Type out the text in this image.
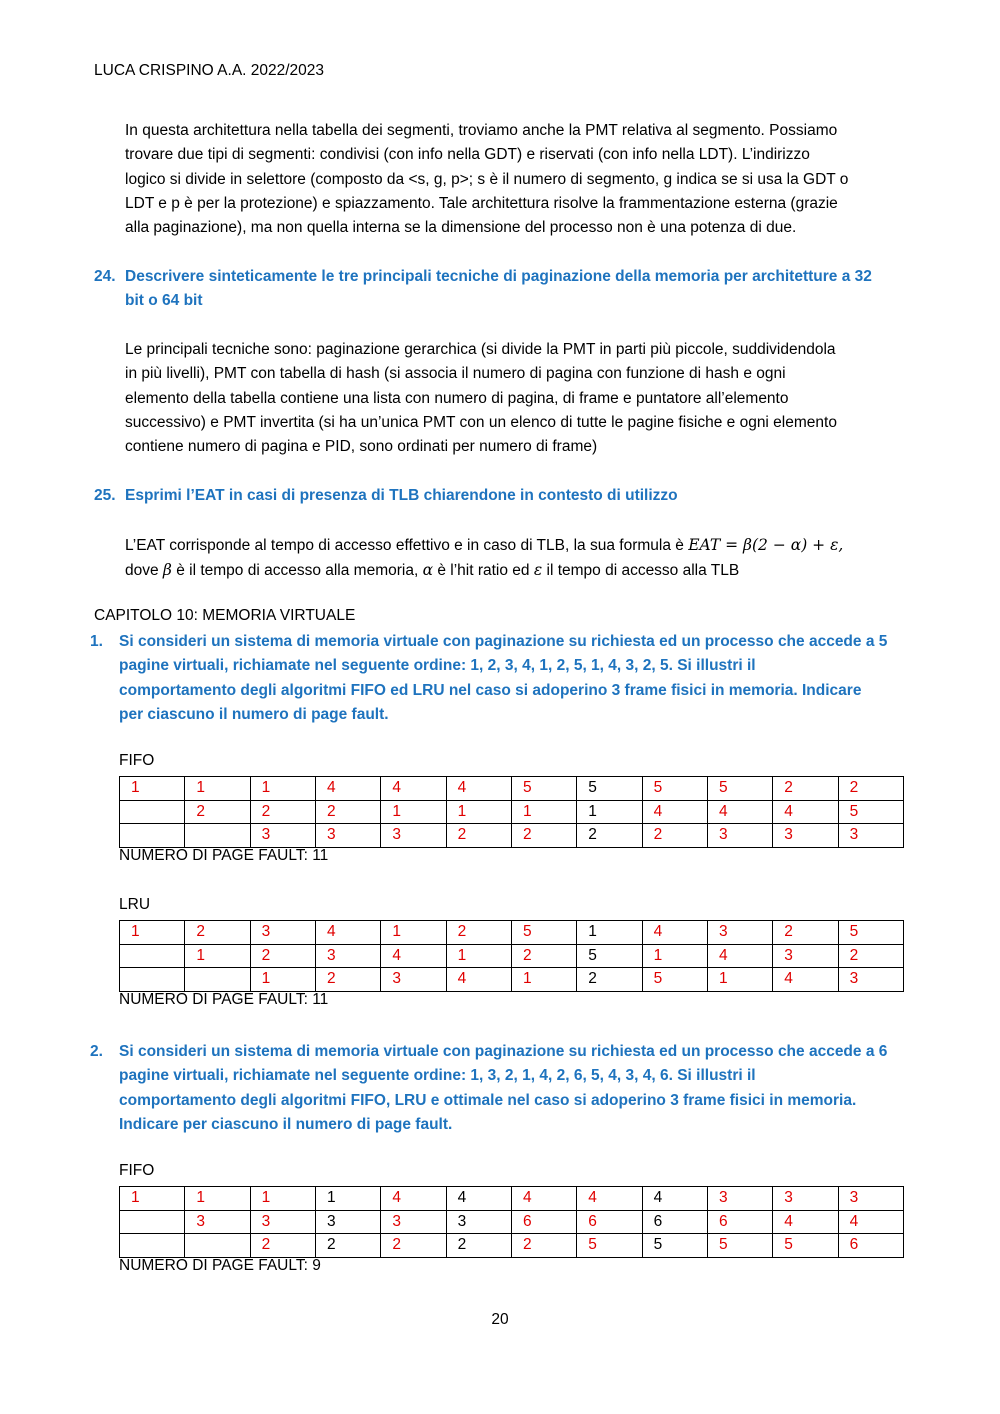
LUCA CRISPINO A.A. 2022/2023
In questa architettura nella tabella dei segmenti, troviamo anche la PMT relativa al segmento. Possiamo
trovare due tipi di segmenti: condivisi (con info nella GDT) e riservati (con info nella LDT). L’indirizzo
logico si divide in selettore (composto da <s, g, p>; s è il numero di segmento, g indica se si usa la GDT o
LDT e p è per la protezione) e spiazzamento. Tale architettura risolve la frammentazione esterna (grazie
alla paginazione), ma non quella interna se la dimensione del processo non è una potenza di due.
24. Descrivere sinteticamente le tre principali tecniche di paginazione della memoria per architetture a 32
bit o 64 bit
Le principali tecniche sono: paginazione gerarchica (si divide la PMT in parti più piccole, suddividendola
in più livelli), PMT con tabella di hash (si associa il numero di pagina con funzione di hash e ogni
elemento della tabella contiene una lista con numero di pagina, di frame e puntatore all’elemento
successivo) e PMT invertita (si ha un’unica PMT con un elenco di tutte le pagine fisiche e ogni elemento
contiene numero di pagina e PID, sono ordinati per numero di frame)
25. Esprimi l’EAT in casi di presenza di TLB chiarendone in contesto di utilizzo
L’EAT corrisponde al tempo di accesso effettivo e in caso di TLB, la sua formula è EAT = β(2 − α) + ε,
dove β è il tempo di accesso alla memoria, α è l’hit ratio ed ε il tempo di accesso alla TLB
CAPITOLO 10: MEMORIA VIRTUALE
1. Si consideri un sistema di memoria virtuale con paginazione su richiesta ed un processo che accede a 5
pagine virtuali, richiamate nel seguente ordine: 1, 2, 3, 4, 1, 2, 5, 1, 4, 3, 2, 5. Si illustri il
comportamento degli algoritmi FIFO ed LRU nel caso si adoperino 3 frame fisici in memoria. Indicare
per ciascuno il numero di page fault.
FIFO
1	1	1	4	4	4	5	5	5	5	2	2
	2	2	2	1	1	1	1	4	4	4	5
		3	3	3	2	2	2	2	3	3	3
NUMERO DI PAGE FAULT: 11
LRU
1	2	3	4	1	2	5	1	4	3	2	5
	1	2	3	4	1	2	5	1	4	3	2
		1	2	3	4	1	2	5	1	4	3
NUMERO DI PAGE FAULT: 11
2. Si consideri un sistema di memoria virtuale con paginazione su richiesta ed un processo che accede a 6
pagine virtuali, richiamate nel seguente ordine: 1, 3, 2, 1, 4, 2, 6, 5, 4, 3, 4, 6. Si illustri il
comportamento degli algoritmi FIFO, LRU e ottimale nel caso si adoperino 3 frame fisici in memoria.
Indicare per ciascuno il numero di page fault.
FIFO
1	1	1	1	4	4	4	4	4	3	3	3
	3	3	3	3	3	6	6	6	6	4	4
		2	2	2	2	2	5	5	5	5	6
NUMERO DI PAGE FAULT: 9
20
